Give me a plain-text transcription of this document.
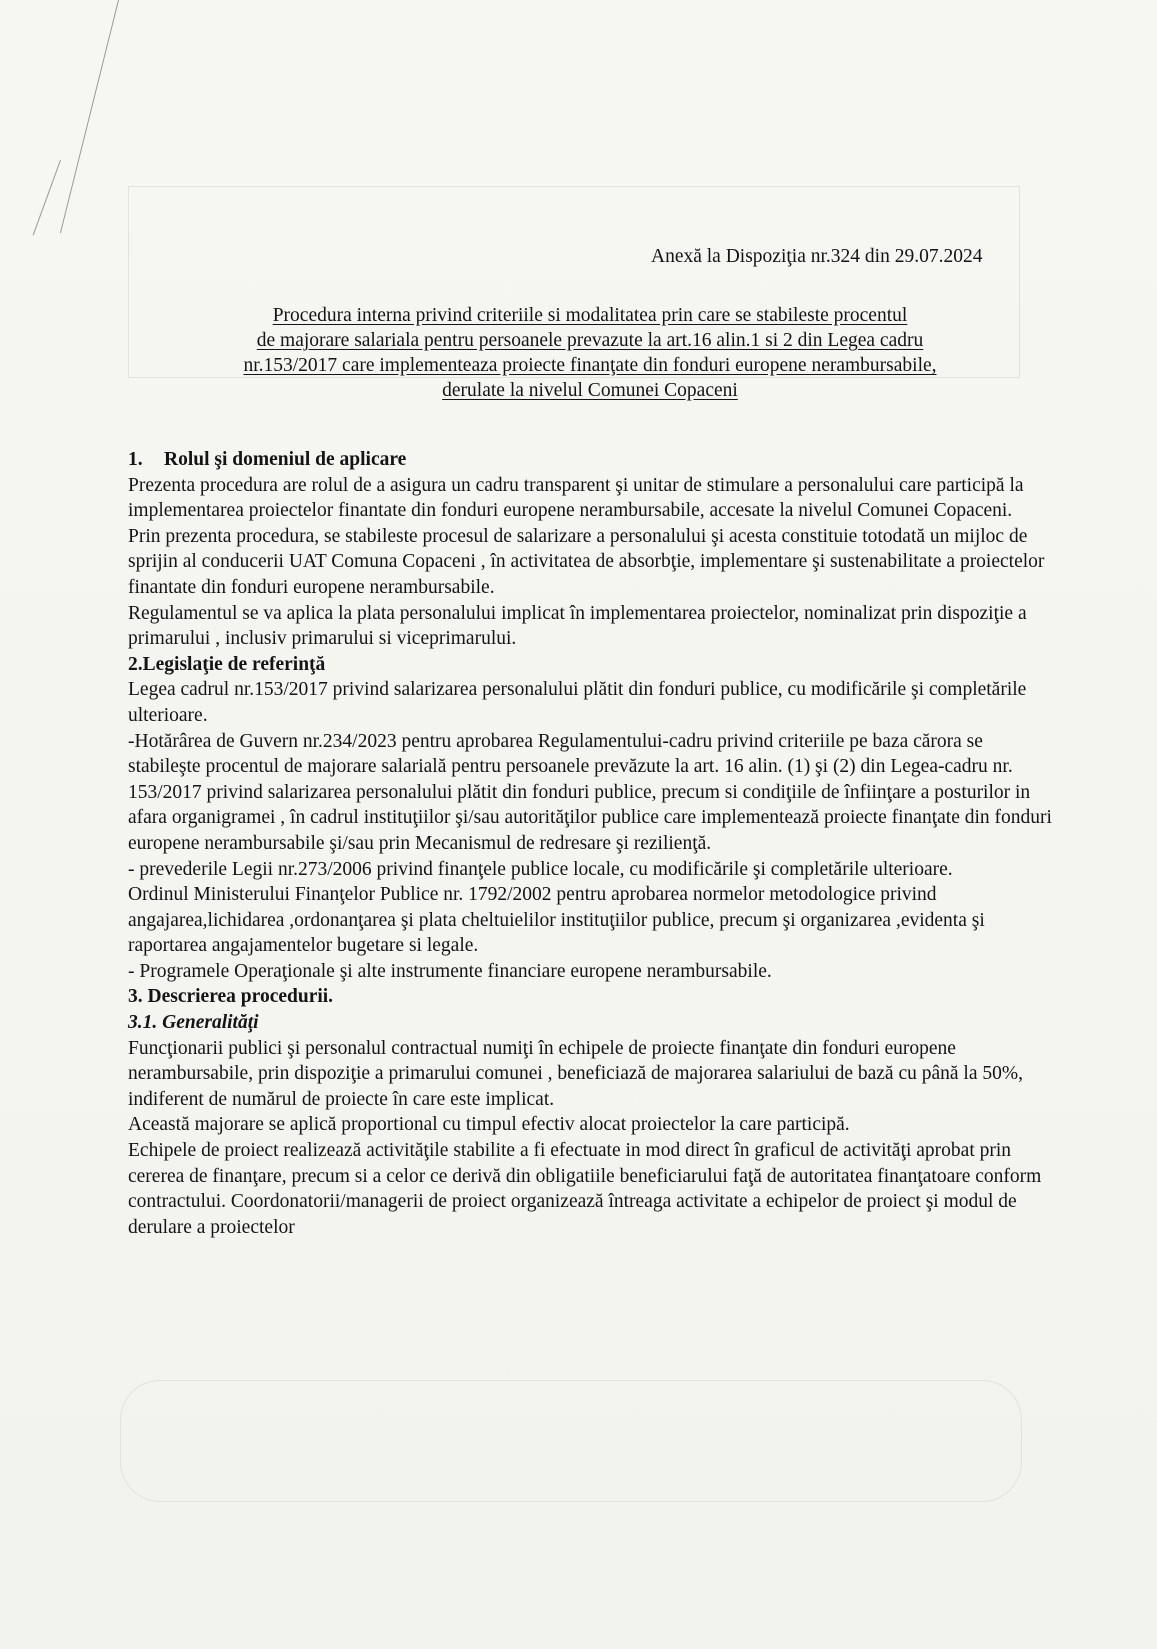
Anexă la Dispoziţia nr.324 din 29.07.2024
Procedura interna privind criteriile si modalitatea prin care se stabileste procentul
de majorare salariala pentru persoanele prevazute la art.16 alin.1 si 2 din Legea cadru
nr.153/2017 care implementeaza proiecte finanţate din fonduri europene nerambursabile,
derulate la nivelul Comunei Copaceni

1. Rolul şi domeniul de aplicare

Prezenta procedura are rolul de a asigura un cadru transparent şi unitar de stimulare a personalului care participă la implementarea proiectelor finantate din fonduri europene nerambursabile, accesate la nivelul Comunei Copaceni.

Prin prezenta procedura, se stabileste procesul de salarizare a personalului şi acesta constituie totodată un mijloc de sprijin al conducerii UAT Comuna Copaceni , în activitatea de absorbţie, implementare şi sustenabilitate a proiectelor finantate din fonduri europene nerambursabile.

Regulamentul se va aplica la plata personalului implicat în implementarea proiectelor, nominalizat prin dispoziţie a primarului , inclusiv primarului si viceprimarului.

2.Legislaţie de referinţă

Legea cadrul nr.153/2017 privind salarizarea personalului plătit din fonduri publice, cu modificările şi completările ulterioare.

-Hotărârea de Guvern nr.234/2023 pentru aprobarea Regulamentului-cadru privind criteriile pe baza cărora se stabileşte procentul de majorare salarială pentru persoanele prevăzute la art. 16 alin. (1) şi (2) din Legea-cadru nr. 153/2017 privind salarizarea personalului plătit din fonduri publice, precum si condiţiile de înfiinţare a posturilor in afara organigramei , în cadrul instituţiilor şi/sau autorităţilor publice care implementează proiecte finanţate din fonduri europene nerambursabile şi/sau prin Mecanismul de redresare şi rezilienţă.

- prevederile Legii nr.273/2006 privind finanţele publice locale, cu modificările şi completările ulterioare.

Ordinul Ministerului Finanţelor Publice nr. 1792/2002 pentru aprobarea normelor metodologice privind angajarea,lichidarea ,ordonanţarea şi plata cheltuielilor instituţiilor publice, precum şi organizarea ,evidenta şi raportarea angajamentelor bugetare si legale.

- Programele Operaţionale şi alte instrumente financiare europene nerambursabile.

3. Descrierea procedurii.

3.1. Generalităţi

Funcţionarii publici şi personalul contractual numiţi în echipele de proiecte finanţate din fonduri europene nerambursabile, prin dispoziţie a primarului comunei , beneficiază de majorarea salariului de bază cu până la 50%, indiferent de numărul de proiecte în care este implicat.

Această majorare se aplică proportional cu timpul efectiv alocat proiectelor la care participă.

Echipele de proiect realizează activităţile stabilite a fi efectuate in mod direct în graficul de activităţi aprobat prin cererea de finanţare, precum si a celor ce derivă din obligatiile beneficiarului faţă de autoritatea finanţatoare conform contractului. Coordonatorii/managerii de proiect organizează întreaga activitate a echipelor de proiect şi modul de derulare a proiectelor
